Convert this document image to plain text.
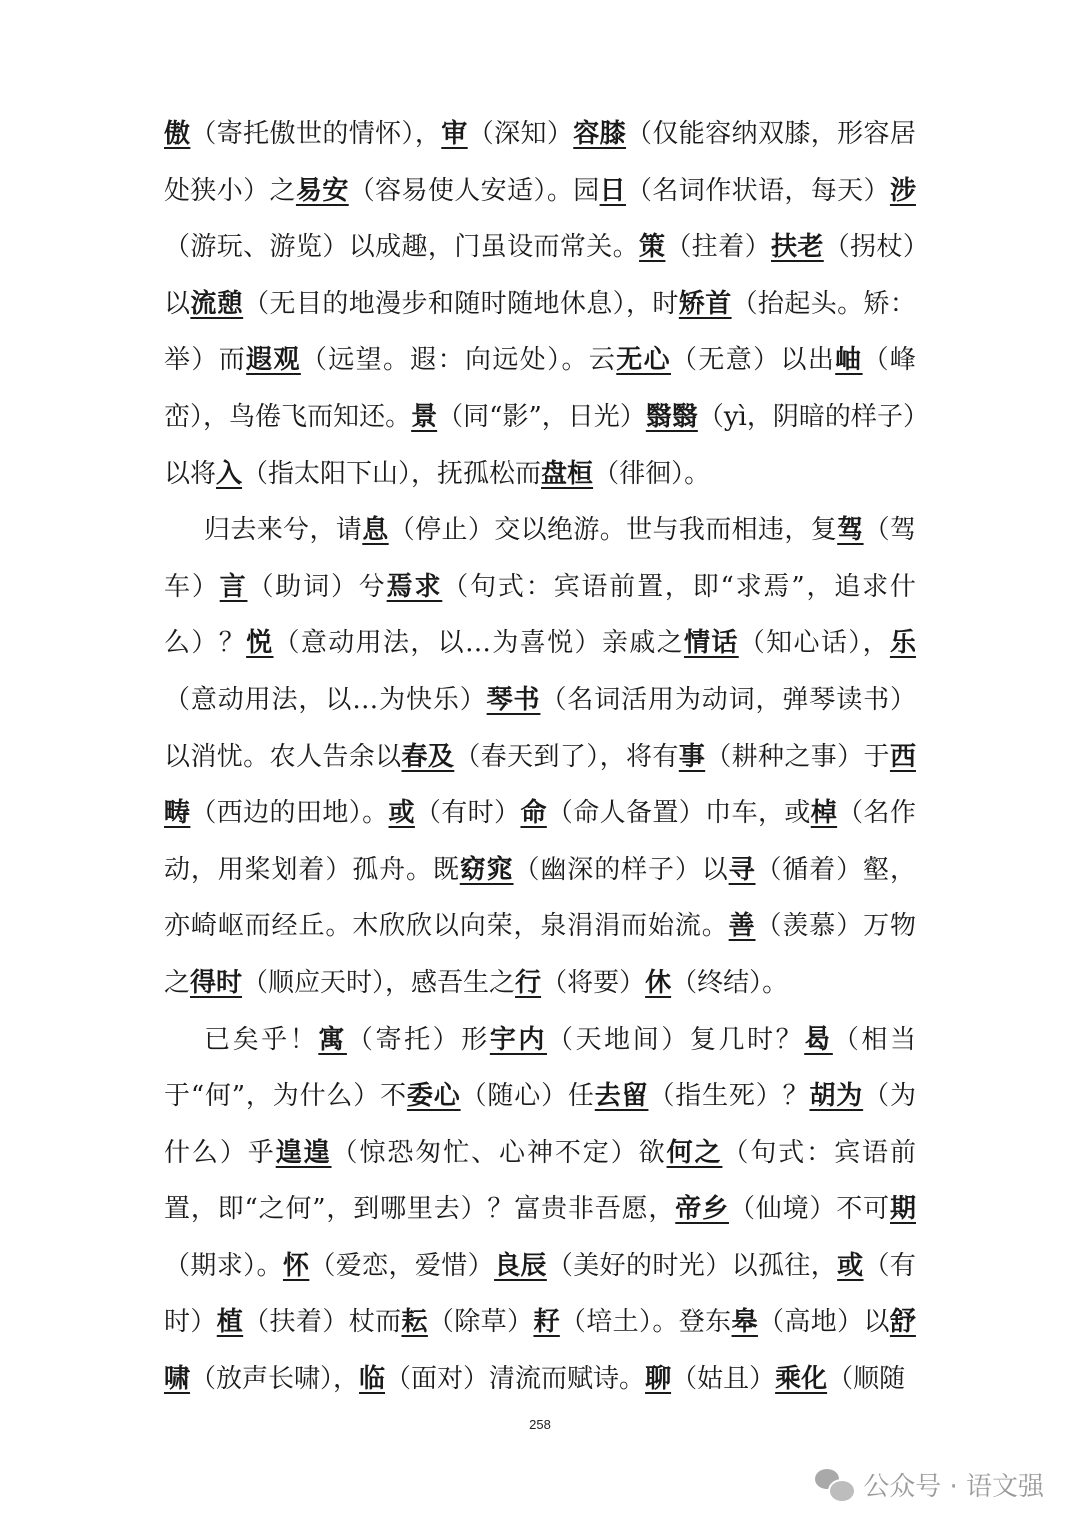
傲（寄托傲世的情怀），审（深知）容膝（仅能容纳双膝，形容居处狭小）之易安（容易使人安适）。园日（名词作状语，每天）涉（游玩、游览）以成趣，门虽设而常关。策（拄着）扶老（拐杖）以流憩（无目的地漫步和随时随地休息），时矫首（抬起头。矫：举）而遐观（远望。遐：向远处）。云无心（无意）以出岫（峰峦），鸟倦飞而知还。景（同“影”，日光）翳翳（yì，阴暗的样子）以将入（指太阳下山），抚孤松而盘桓（徘徊）。

归去来兮，请息（停止）交以绝游。世与我而相违，复驾（驾车）言（助词）兮焉求（句式：宾语前置，即“求焉”，追求什么）？悦（意动用法，以…为喜悦）亲戚之情话（知心话），乐（意动用法，以…为快乐）琴书（名词活用为动词，弹琴读书）以消忧。农人告余以春及（春天到了），将有事（耕种之事）于西畴（西边的田地）。或（有时）命（命人备置）巾车，或棹（名作动，用桨划着）孤舟。既窈窕（幽深的样子）以寻（循着）壑，亦崎岖而经丘。木欣欣以向荣，泉涓涓而始流。善（羡慕）万物之得时（顺应天时），感吾生之行（将要）休（终结）。

已矣乎！寓（寄托）形宇内（天地间）复几时？曷（相当于“何”，为什么）不委心（随心）任去留（指生死）？胡为（为什么）乎遑遑（惊恐匆忙、心神不定）欲何之（句式：宾语前置，即“之何”，到哪里去）？富贵非吾愿，帝乡（仙境）不可期（期求）。怀（爱恋，爱惜）良辰（美好的时光）以孤往，或（有时）植（扶着）杖而耘（除草）耔（培土）。登东皋（高地）以舒啸（放声长啸），临（面对）清流而赋诗。聊（姑且）乘化（顺随

258
公众号 · 语文强
